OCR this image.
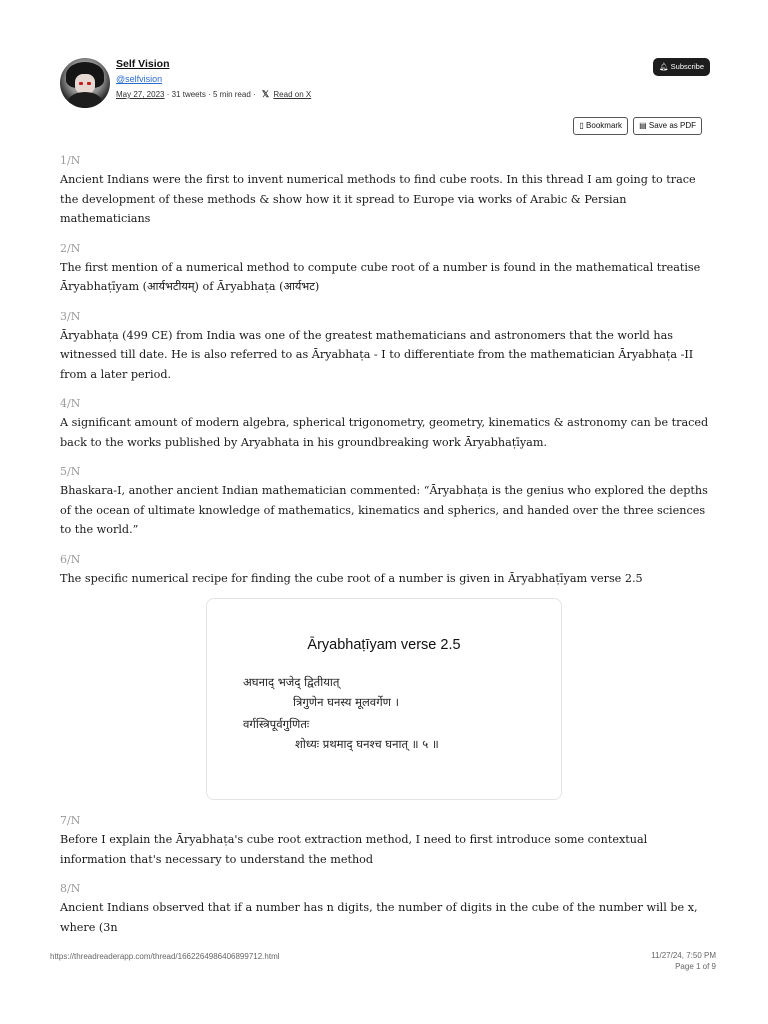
Self Vision
@selfvision
May 27, 2023 · 31 tweets · 5 min read · 𝕏 Read on X
🔔︎ Subscribe
▯ Bookmark	▤ Save as PDF
1/N
Ancient Indians were the first to invent numerical methods to find cube roots. In this thread I am going to trace the development of these methods & show how it it spread to Europe via works of Arabic & Persian mathematicians
2/N
The first mention of a numerical method to compute cube root of a number is found in the mathematical treatise Āryabhaṭīyam (आर्यभटीयम्) of Āryabhaṭa (आर्यभट)
3/N
Āryabhaṭa (499 CE) from India was one of the greatest mathematicians and astronomers that the world has witnessed till date. He is also referred to as Āryabhaṭa - I to differentiate from the mathematician Āryabhaṭa -II from a later period.
4/N
A significant amount of modern algebra, spherical trigonometry, geometry, kinematics & astronomy can be traced back to the works published by Aryabhata in his groundbreaking work Āryabhaṭīyam.
5/N
Bhaskara-I, another ancient Indian mathematician commented: “Āryabhaṭa is the genius who explored the depths of the ocean of ultimate knowledge of mathematics, kinematics and spherics, and handed over the three sciences to the world.”
6/N
The specific numerical recipe for finding the cube root of a number is given in Āryabhaṭīyam verse 2.5
Āryabhaṭīyam verse 2.5
अघनाद् भजेद् द्वितीयात्
त्रिगुणेन घनस्य मूलवर्गेण ।
वर्गस्त्रिपूर्वगुणितः
शोध्यः प्रथमाद् घनश्च घनात् ॥ ५ ॥
7/N
Before I explain the Āryabhaṭa's cube root extraction method, I need to first introduce some contextual information that's necessary to understand the method
8/N
Ancient Indians observed that if a number has n digits, the number of digits in the cube of the number will be x, where (3n
https://threadreaderapp.com/thread/1662264986406899712.html	11/27/24, 7:50 PM
Page 1 of 9
